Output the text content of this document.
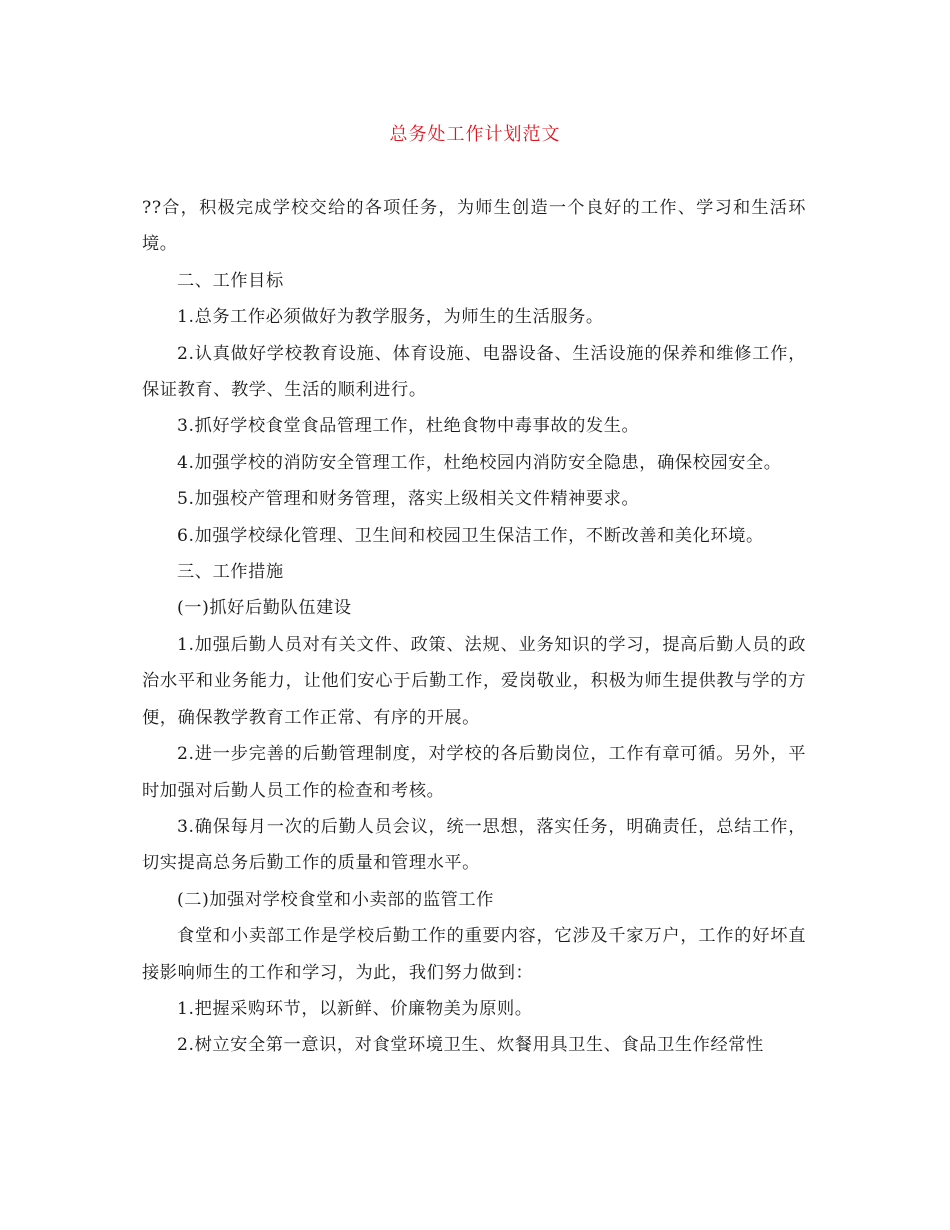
总务处工作计划范文

??合，积极完成学校交给的各项任务，为师生创造一个良好的工作、学习和生活环境。

二、工作目标

1.总务工作必须做好为教学服务，为师生的生活服务。

2.认真做好学校教育设施、体育设施、电器设备、生活设施的保养和维修工作，保证教育、教学、生活的顺利进行。

3.抓好学校食堂食品管理工作，杜绝食物中毒事故的发生。

4.加强学校的消防安全管理工作，杜绝校园内消防安全隐患，确保校园安全。

5.加强校产管理和财务管理，落实上级相关文件精神要求。

6.加强学校绿化管理、卫生间和校园卫生保洁工作，不断改善和美化环境。

三、工作措施

(一)抓好后勤队伍建设

1.加强后勤人员对有关文件、政策、法规、业务知识的学习，提高后勤人员的政治水平和业务能力，让他们安心于后勤工作，爱岗敬业，积极为师生提供教与学的方便，确保教学教育工作正常、有序的开展。

2.进一步完善的后勤管理制度，对学校的各后勤岗位，工作有章可循。另外，平时加强对后勤人员工作的检查和考核。

3.确保每月一次的后勤人员会议，统一思想，落实任务，明确责任，总结工作，切实提高总务后勤工作的质量和管理水平。

(二)加强对学校食堂和小卖部的监管工作

食堂和小卖部工作是学校后勤工作的重要内容，它涉及千家万户，工作的好坏直接影响师生的工作和学习，为此，我们努力做到：

1.把握采购环节，以新鲜、价廉物美为原则。

2.树立安全第一意识，对食堂环境卫生、炊餐用具卫生、食品卫生作经常性
